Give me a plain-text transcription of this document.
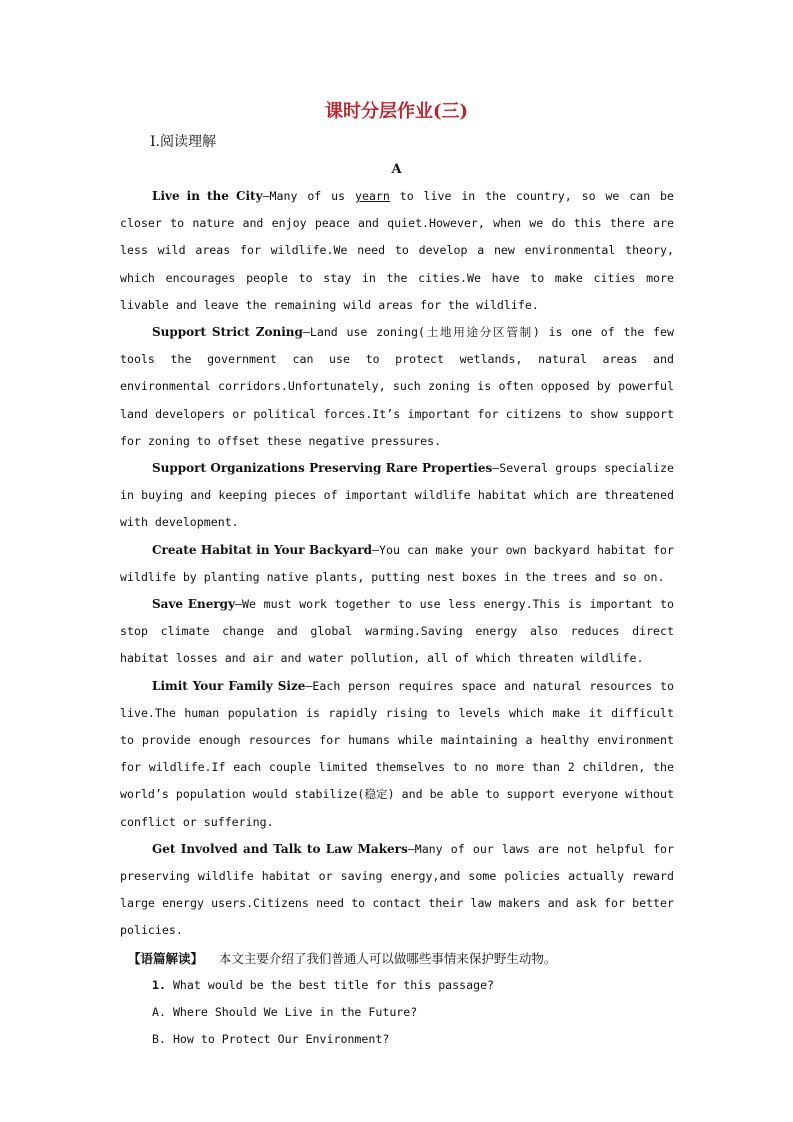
课时分层作业(三)
Ⅰ.阅读理解
A

Live in the City—Many of us yearn to live in the country, so we can be closer to nature and enjoy peace and quiet.However, when we do this there are less wild areas for wildlife.We need to develop a new environmental theory, which encourages people to stay in the cities.We have to make cities more livable and leave the remaining wild areas for the wildlife.

Support Strict Zoning—Land use zoning(土地用途分区管制) is one of the few tools the government can use to protect wetlands, natural areas and environmental corridors.Unfortunately, such zoning is often opposed by powerful land developers or political forces.It’s important for citizens to show support for zoning to offset these negative pressures.

Support Organizations Preserving Rare Properties—Several groups specialize in buying and keeping pieces of important wildlife habitat which are threatened with development.

Create Habitat in Your Backyard—You can make your own backyard habitat for wildlife by planting native plants, putting nest boxes in the trees and so on.

Save Energy—We must work together to use less energy.This is important to stop climate change and global warming.Saving energy also reduces direct habitat losses and air and water pollution, all of which threaten wildlife.

Limit Your Family Size—Each person requires space and natural resources to live.The human population is rapidly rising to levels which make it difficult to provide enough resources for humans while maintaining a healthy environment for wildlife.If each couple limited themselves to no more than 2 children, the world’s population would stabilize(稳定) and be able to support everyone without conflict or suffering.

Get Involved and Talk to Law Makers—Many of our laws are not helpful for preserving wildlife habitat or saving energy,and some policies actually reward large energy users.Citizens need to contact their law makers and ask for better policies.

【语篇解读】 本文主要介绍了我们普通人可以做哪些事情来保护野生动物。

1. What would be the best title for this passage?

A. Where Should We Live in the Future?

B. How to Protect Our Environment?
